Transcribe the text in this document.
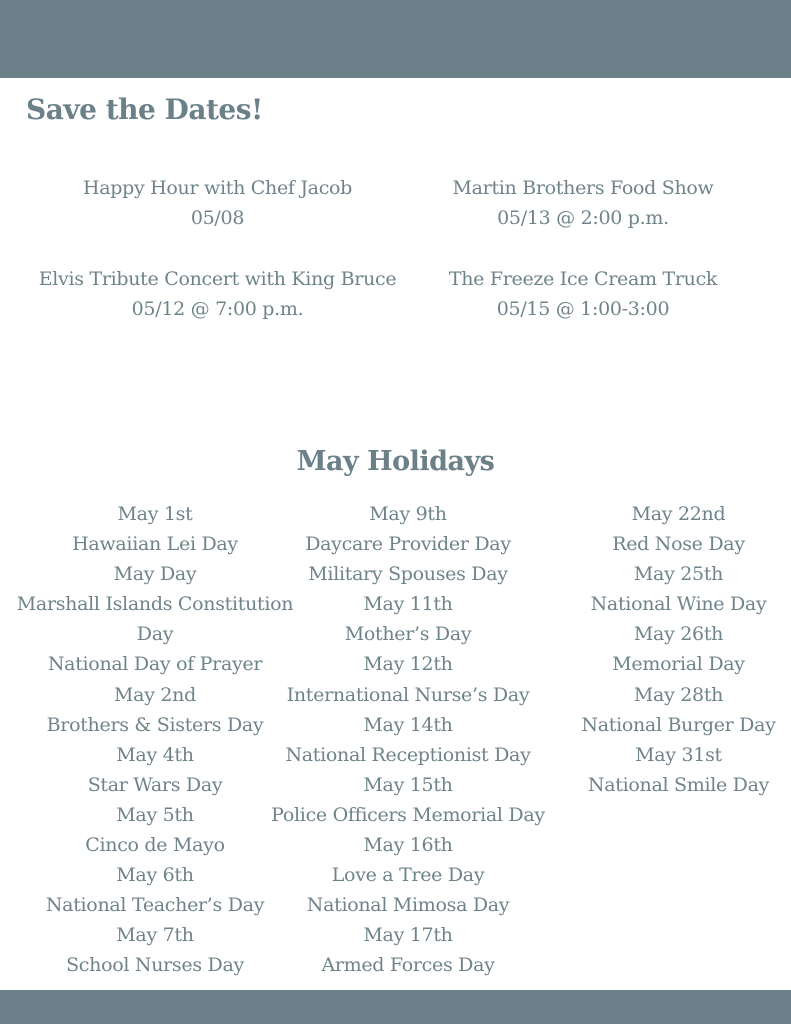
Save the Dates!
Happy Hour with Chef Jacob
05/08
Martin Brothers Food Show
05/13 @ 2:00 p.m.
Elvis Tribute Concert with King Bruce
05/12 @ 7:00 p.m.
The Freeze Ice Cream Truck
05/15 @ 1:00-3:00
May Holidays
May 1st
Hawaiian Lei Day
May Day
Marshall Islands Constitution Day
National Day of Prayer
May 2nd
Brothers & Sisters Day
May 4th
Star Wars Day
May 5th
Cinco de Mayo
May 6th
National Teacher’s Day
May 7th
School Nurses Day
May 9th
Daycare Provider Day
Military Spouses Day
May 11th
Mother’s Day
May 12th
International Nurse’s Day
May 14th
National Receptionist Day
May 15th
Police Officers Memorial Day
May 16th
Love a Tree Day
National Mimosa Day
May 17th
Armed Forces Day
May 22nd
Red Nose Day
May 25th
National Wine Day
May 26th
Memorial Day
May 28th
National Burger Day
May 31st
National Smile Day
